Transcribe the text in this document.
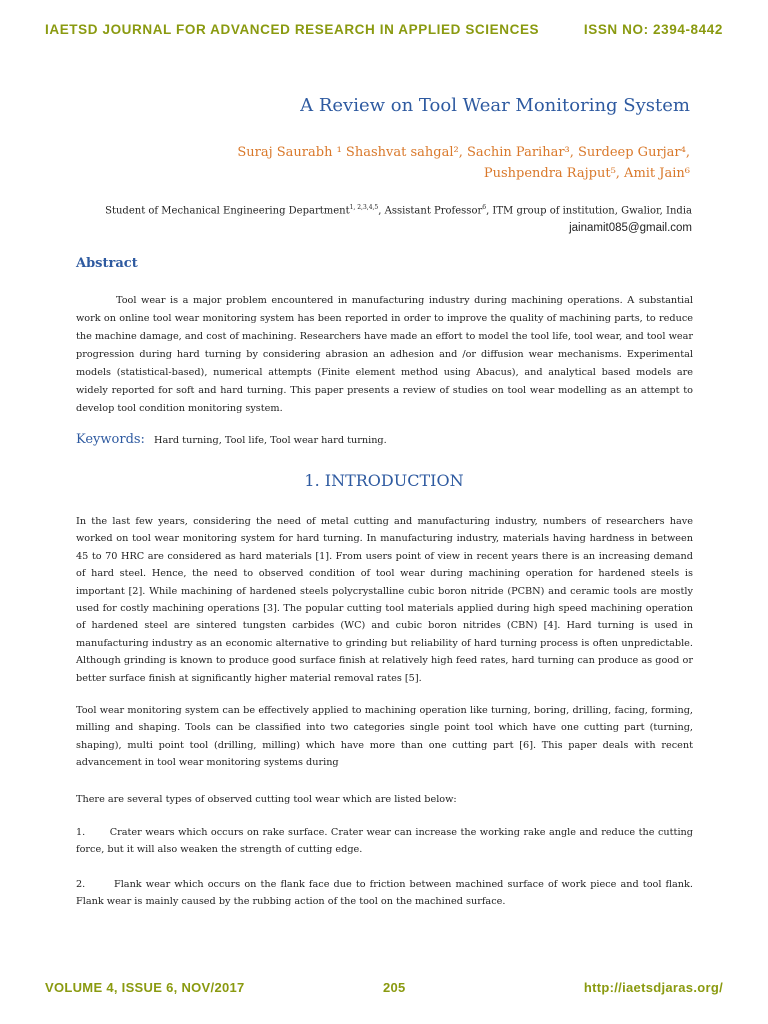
IAETSD JOURNAL FOR ADVANCED RESEARCH IN APPLIED SCIENCES	ISSN NO: 2394-8442
A Review on Tool Wear Monitoring System
Suraj Saurabh ¹ Shashvat sahgal², Sachin Parihar³, Surdeep Gurjar⁴,
Pushpendra Rajput⁵, Amit Jain⁶
Student of Mechanical Engineering Department$^{1, 2,3,4,5}$, Assistant Professor$^6$, ITM group of institution, Gwalior, India
jainamit085@gmail.com
Abstract

Tool wear is a major problem encountered in manufacturing industry during machining operations. A substantial work on online tool wear monitoring system has been reported in order to improve the quality of machining parts, to reduce the machine damage, and cost of machining. Researchers have made an effort to model the tool life, tool wear, and tool wear progression during hard turning by considering abrasion an adhesion and /or diffusion wear mechanisms. Experimental models (statistical-based), numerical attempts (Finite element method using Abacus), and analytical based models are widely reported for soft and hard turning. This paper presents a review of studies on tool wear modelling as an attempt to develop tool condition monitoring system.

Keywords: Hard turning, Tool life, Tool wear hard turning.
1. INTRODUCTION

In the last few years, considering the need of metal cutting and manufacturing industry, numbers of researchers have worked on tool wear monitoring system for hard turning. In manufacturing industry, materials having hardness in between 45 to 70 HRC are considered as hard materials [1]. From users point of view in recent years there is an increasing demand of hard steel. Hence, the need to observed condition of tool wear during machining operation for hardened steels is important [2]. While machining of hardened steels polycrystalline cubic boron nitride (PCBN) and ceramic tools are mostly used for costly machining operations [3]. The popular cutting tool materials applied during high speed machining operation of hardened steel are sintered tungsten carbides (WC) and cubic boron nitrides (CBN) [4]. Hard turning is used in manufacturing industry as an economic alternative to grinding but reliability of hard turning process is often unpredictable. Although grinding is known to produce good surface finish at relatively high feed rates, hard turning can produce as good or better surface finish at significantly higher material removal rates [5].

Tool wear monitoring system can be effectively applied to machining operation like turning, boring, drilling, facing, forming, milling and shaping. Tools can be classified into two categories single point tool which have one cutting part (turning, shaping), multi point tool (drilling, milling) which have more than one cutting part [6]. This paper deals with recent advancement in tool wear monitoring systems during

There are several types of observed cutting tool wear which are listed below:

1.	Crater wears which occurs on rake surface. Crater wear can increase the working rake angle and reduce the cutting force, but it will also weaken the strength of cutting edge.

2.	Flank wear which occurs on the flank face due to friction between machined surface of work piece and tool flank. Flank wear is mainly caused by the rubbing action of the tool on the machined surface.

VOLUME 4, ISSUE 6, NOV/2017	205	http://iaetsdjaras.org/
